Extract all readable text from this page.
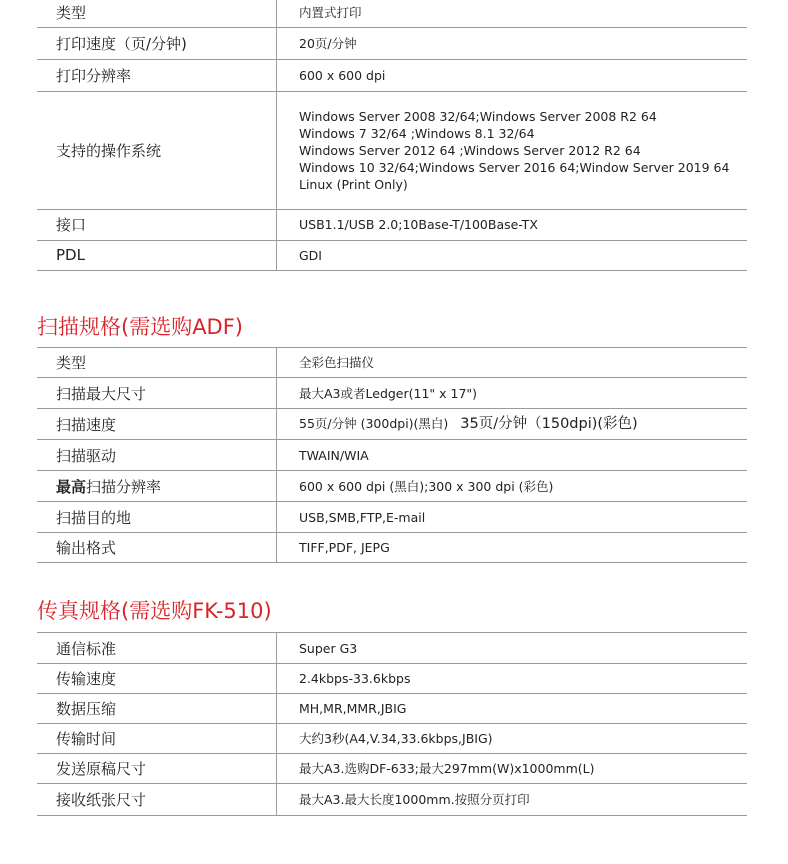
类型	内置式打印
打印速度（页/分钟)	20页/分钟
打印分辨率	600 x 600 dpi
支持的操作系统	Windows Server 2008 32/64;Windows Server 2008 R2 64
Windows 7 32/64 ;Windows 8.1 32/64
Windows Server 2012 64 ;Windows Server 2012 R2 64
Windows 10 32/64;Windows Server 2016 64;Window Server 2019 64
Linux (Print Only)

接口	USB1.1/USB 2.0;10Base-T/100Base-TX
PDL	GDI
扫描规格(需选购ADF)
类型	全彩色扫描仪
扫描最大尺寸	最大A3或者Ledger(11" x 17")
扫描速度	55页/分钟 (300dpi)(黑白) 35页/分钟（150dpi)(彩色)
扫描驱动	TWAIN/WIA
最高扫描分辨率	600 x 600 dpi (黑白);300 x 300 dpi (彩色)
扫描目的地	USB,SMB,FTP,E-mail
输出格式	TIFF,PDF, JEPG
传真规格(需选购FK-510)
通信标准	Super G3
传输速度	2.4kbps-33.6kbps
数据压缩	MH,MR,MMR,JBIG
传输时间	大约3秒(A4,V.34,33.6kbps,JBIG)
发送原稿尺寸	最大A3.选购DF-633;最大297mm(W)x1000mm(L)
接收纸张尺寸	最大A3.最大长度1000mm.按照分页打印
